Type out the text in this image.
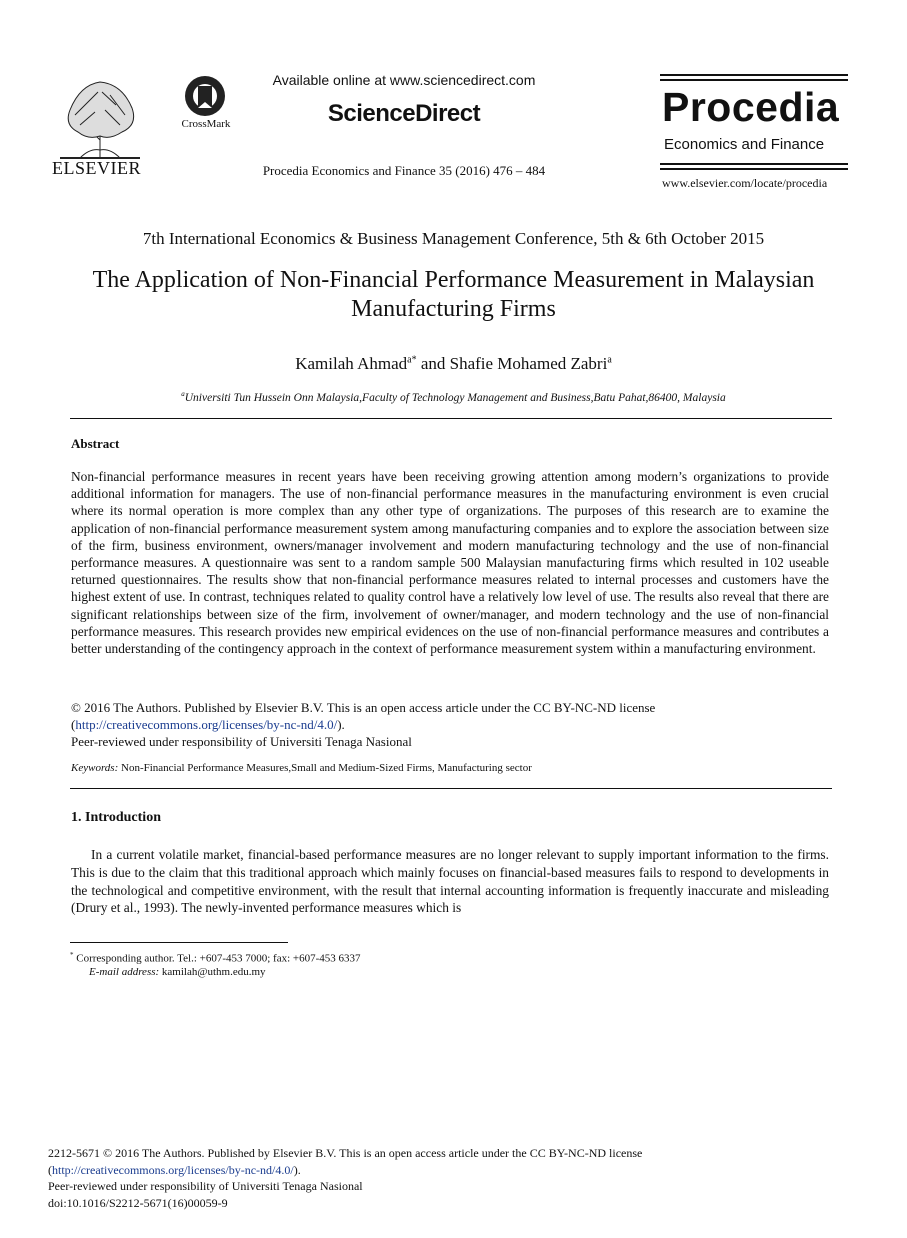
ELSEVIER
CrossMark
Available online at www.sciencedirect.com
ScienceDirect
Procedia Economics and Finance 35 (2016) 476 – 484
Procedia
Economics and Finance
www.elsevier.com/locate/procedia
7th International Economics & Business Management Conference, 5th & 6th October 2015
The Application of Non-Financial Performance Measurement in Malaysian Manufacturing Firms
Kamilah Ahmad$^{a*}$ and Shafie Mohamed Zabri$^a$
$^a$Universiti Tun Hussein Onn Malaysia,Faculty of Technology Management and Business,Batu Pahat,86400, Malaysia
Abstract
Non-financial performance measures in recent years have been receiving growing attention among modern’s organizations to provide additional information for managers. The use of non-financial performance measures in the manufacturing environment is even crucial where its normal operation is more complex than any other type of organizations. The purposes of this research are to examine the application of non-financial performance measurement system among manufacturing companies and to explore the association between size of the firm, business environment, owners/manager involvement and modern manufacturing technology and the use of non-financial performance measures. A questionnaire was sent to a random sample 500 Malaysian manufacturing firms which resulted in 102 useable returned questionnaires. The results show that non-financial performance measures related to internal processes and customers have the highest extent of use. In contrast, techniques related to quality control have a relatively low level of use. The results also reveal that there are significant relationships between size of the firm, involvement of owner/manager, and modern technology and the use of non-financial performance measures. This research provides new empirical evidences on the use of non-financial performance measures and contributes a better understanding of the contingency approach in the context of performance measurement system within a manufacturing environment.
© 2016 The Authors. Published by Elsevier B.V. This is an open access article under the CC BY-NC-ND license
(http://creativecommons.org/licenses/by-nc-nd/4.0/).
Peer-reviewed under responsibility of Universiti Tenaga Nasional
Keywords: Non-Financial Performance Measures,Small and Medium-Sized Firms, Manufacturing sector
1. Introduction
In a current volatile market, financial-based performance measures are no longer relevant to supply important information to the firms. This is due to the claim that this traditional approach which mainly focuses on financial-based measures fails to respond to developments in the technological and competitive environment, with the result that internal accounting information is frequently inaccurate and misleading (Drury et al., 1993). The newly-invented performance measures which is
* Corresponding author. Tel.: +607-453 7000; fax: +607-453 6337
E-mail address: kamilah@uthm.edu.my
2212-5671 © 2016 The Authors. Published by Elsevier B.V. This is an open access article under the CC BY-NC-ND license
(http://creativecommons.org/licenses/by-nc-nd/4.0/).
Peer-reviewed under responsibility of Universiti Tenaga Nasional
doi:10.1016/S2212-5671(16)00059-9
